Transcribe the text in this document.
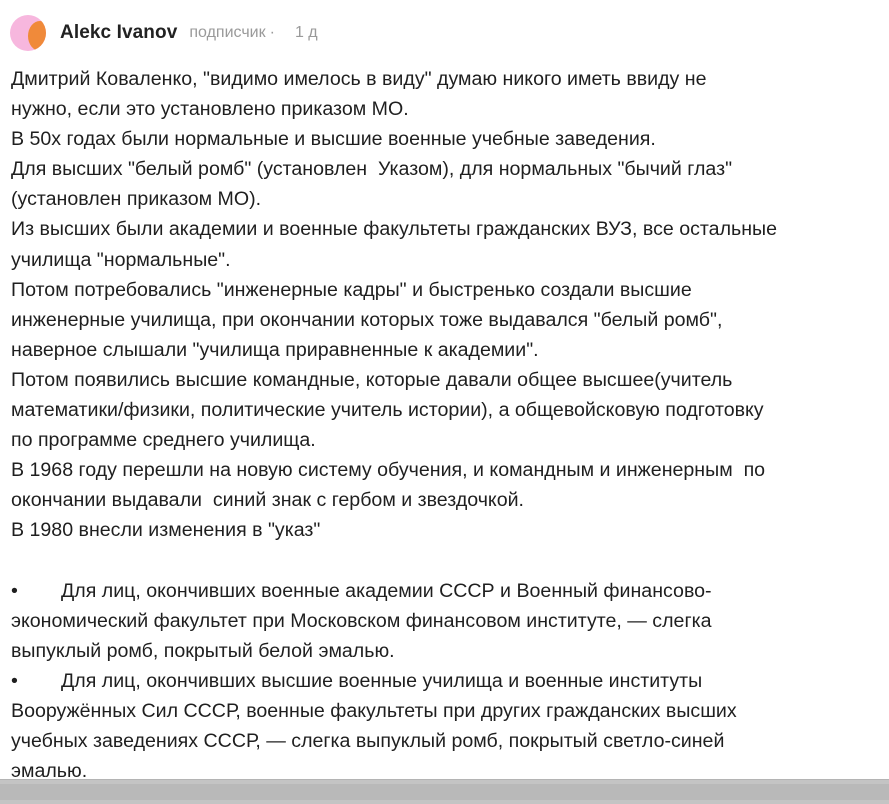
Alekc Ivanov подписчик · 1 д

Дмитрий Коваленко, "видимо имелось в виду" думаю никого иметь ввиду не

нужно, если это установлено приказом МО.

В 50х годах были нормальные и высшие военные учебные заведения.

Для высших "белый ромб" (установлен  Указом), для нормальных "бычий глаз"

(установлен приказом МО).

Из высших были академии и военные факультеты гражданских ВУЗ, все остальные

училища "нормальные".

Потом потребовались "инженерные кадры" и быстренько создали высшие

инженерные училища, при окончании которых тоже выдавался "белый ромб",

наверное слышали "училища приравненные к академии".

Потом появились высшие командные, которые давали общее высшее(учитель

математики/физики, политические учитель истории), а общевойсковую подготовку

по программе среднего училища.

В 1968 году перешли на новую систему обучения, и командным и инженерным  по

окончании выдавали  синий знак с гербом и звездочкой.

В 1980 внесли изменения в "указ"

• Для лиц, окончивших военные академии СССР и Военный финансово-

экономический факультет при Московском финансовом институте, — слегка

выпуклый ромб, покрытый белой эмалью.

• Для лиц, окончивших высшие военные училища и военные институты

Вооружённых Сил СССР, военные факультеты при других гражданских высших

учебных заведениях СССР, — слегка выпуклый ромб, покрытый светло-синей

эмалью.
